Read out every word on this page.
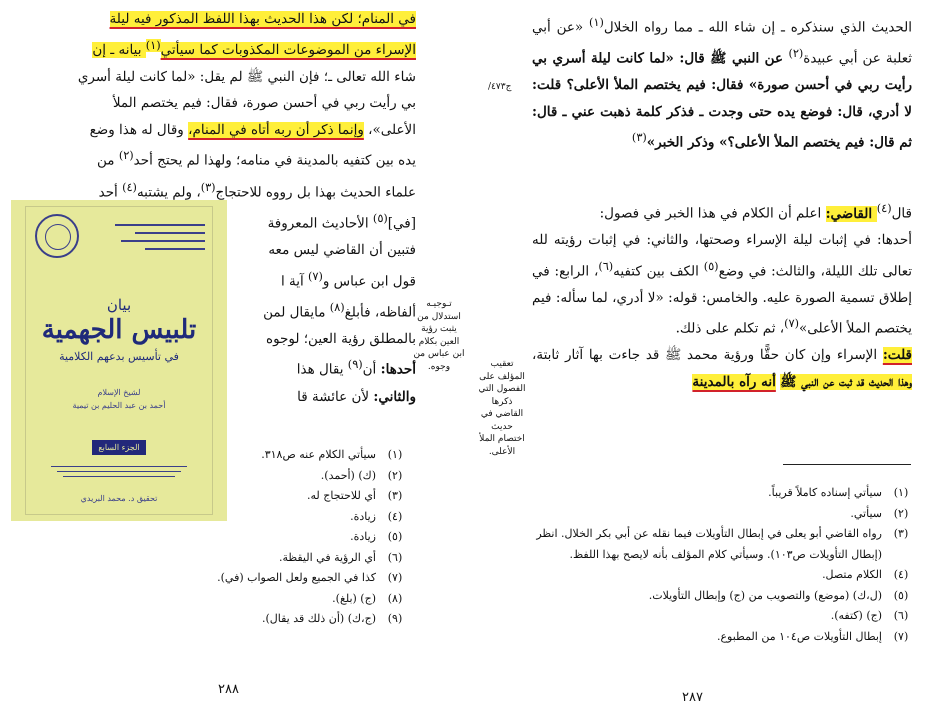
الحديث الذي سنذكره ـ إن شاء الله ـ مما رواه الخلال$^{(١)}$ «عن أبي ثعلبة عن أبي عبيدة$^{(٢)}$ عن النبي ﷺ قال: «لما كانت ليلة أسري بي رأيت ربي في أحسن صورة» فقال: فيم يختصم الملأ الأعلى؟ قلت: لا أدري، قال: فوضع يده حتى وجدت ـ فذكر كلمة ذهبت عني ـ قال: ثم قال: فيم يختصم الملأ الأعلى؟» وذكر الخبر»$^{(٣)}$

قال$^{(٤)}$ القاضي: اعلم أن الكلام في هذا الخبر في فصول:

أحدها: في إثبات ليلة الإسراء وصحتها، والثاني: في إثبات رؤيته لله تعالى تلك الليلة، والثالث: في وضع$^{(٥)}$ الكف بين كتفيه$^{(٦)}$، الرابع: في إطلاق تسمية الصورة عليه. والخامس: قوله: «لا أدري، لما سأله: فيم يختصم الملأ الأعلى»$^{(٧)}$، ثم تكلم على ذلك.

قلت: الإسراء وإن كان حقًّا ورؤية محمد ﷺ قد جاءت بها آثار ثابتة، وهذا الحديث قد ثبت عن النبي ﷺ أنه رآه بالمدينة

ج٤٧٣/
تعقيب
المؤلف على
الفصول التي
ذكرها
القاضي في
حديث
اختصام الملأ
الأعلى.
(١)
سيأتي إسناده كاملاً قريباً.
(٢)
سيأتي.
(٣)
رواه القاضي أبو يعلى في إبطال التأويلات فيما نقله عن أبي بكر الخلال. انظر
(إبطال التأويلات ص١٠٣). وسيأتي كلام المؤلف بأنه لايصح بهذا اللفظ.
(٤)
الكلام متصل.
(٥)
(ل،ك) (موضع) والتصويب من (ج) وإبطال التأويلات.
(٦)
(ج) (كتفه).
(٧)
إبطال التأويلات ص١٠٤ من المطبوع.
٢٨٧

في المنام؛ لكن هذا الحديث بهذا اللفظ المذكور فيه ليلة

الإسراء من الموضوعات المكذوبات كما سيأتي$^{(١)}$ بيانه ـ إن

شاء الله تعالى ـ؛ فإن النبي ﷺ لم يقل: «لما كانت ليلة أسري

بي رأيت ربي في أحسن صورة، فقال: فيم يختصم الملأ

الأعلى»، وإنما ذكر أن ربه أتاه في المنام، وقال له هذا وضع

يده بين كتفيه بالمدينة في منامه؛ ولهذا لم يحتج أحد$^{(٢)}$ من

علماء الحديث بهذا بل رووه للاحتجاج$^{(٣)}$، ولم يشتبه$^{(٤)}$ أحد

[في]$^{(٥)}$ الأحاديث المعروفة

فتبين أن القاضي ليس معه

قول ابن عباس و$^{(٧)}$ آية ا

ألفاظه، فأبلغ$^{(٨)}$ مايقال لمن

بالمطلق رؤية العين؛ لوجوه

أحدها: أن$^{(٩)}$ يقال هذا

والثاني: لأن عائشة قا

تـوجيـه
استدلال من
يثبت رؤية
العين بكلام
ابن عباس من
وجوه.
(١)
سيأتي الكلام عنه ص٣١٨.
(٢)
(ك) (أحمد).
(٣)
أي للاحتجاج له.
(٤)
زيادة.
(٥)
زيادة.
(٦)
أي الرؤية في اليقظة.
(٧)
كذا في الجميع ولعل الصواب (في).
(٨)
(ج) (بلغ).
(٩)
(ج،ك) (أن ذلك قد يقال).
٢٨٨
بيان
تلبيس الجهمية
في تأسيس بدعهم الكلامية
لشيخ الإسلام
أحمد بن عبد الحليم بن تيمية
الجزء السابع
تحقيق د. محمد البريدي
